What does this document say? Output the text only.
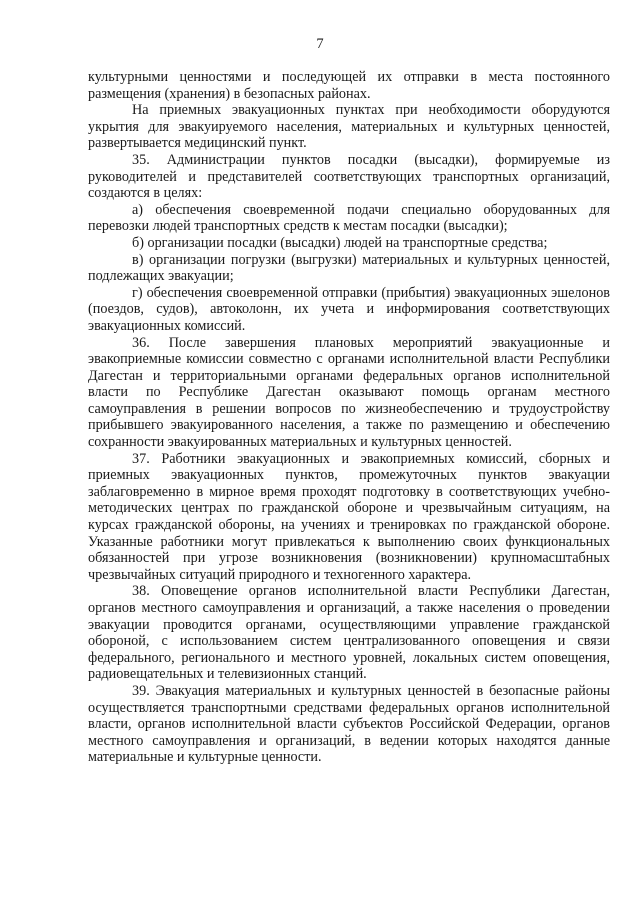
7

культурными ценностями и последующей их отправки в места постоянного размещения (хранения) в безопасных районах.

На приемных эвакуационных пунктах при необходимости оборудуются укрытия для эвакуируемого населения, материальных и культурных ценностей, развертывается медицинский пункт.

35. Администрации пунктов посадки (высадки), формируемые из руководителей и представителей соответствующих транспортных организаций, создаются в целях:

а) обеспечения своевременной подачи специально оборудованных для перевозки людей транспортных средств к местам посадки (высадки);

б) организации посадки (высадки) людей на транспортные средства;

в) организации погрузки (выгрузки) материальных и культурных ценностей, подлежащих эвакуации;

г) обеспечения своевременной отправки (прибытия) эвакуационных эшелонов (поездов, судов), автоколонн, их учета и информирования соответствующих эвакуационных комиссий.

36. После завершения плановых мероприятий эвакуационные и эвакоприемные комиссии совместно с органами исполнительной власти Республики Дагестан и территориальными органами федеральных органов исполнительной власти по Республике Дагестан оказывают помощь органам местного самоуправления в решении вопросов по жизнеобеспечению и трудоустройству прибывшего эвакуированного населения, а также по размещению и обеспечению сохранности эвакуированных материальных и культурных ценностей.

37. Работники эвакуационных и эвакоприемных комиссий, сборных и приемных эвакуационных пунктов, промежуточных пунктов эвакуации заблаговременно в мирное время проходят подготовку в соответствующих учебно-методических центрах по гражданской обороне и чрезвычайным ситуациям, на курсах гражданской обороны, на учениях и тренировках по гражданской обороне. Указанные работники могут привлекаться к выполнению своих функциональных обязанностей при угрозе возникновения (возникновении) крупномасштабных чрезвычайных ситуаций природного и техногенного характера.

38. Оповещение органов исполнительной власти Республики Дагестан, органов местного самоуправления и организаций, а также населения о проведении эвакуации проводится органами, осуществляющими управление гражданской обороной, с использованием систем централизованного оповещения и связи федерального, регионального и местного уровней, локальных систем оповещения, радиовещательных и телевизионных станций.

39. Эвакуация материальных и культурных ценностей в безопасные районы осуществляется транспортными средствами федеральных органов исполнительной власти, органов исполнительной власти субъектов Российской Федерации, органов местного самоуправления и организаций, в ведении которых находятся данные материальные и культурные ценности.
